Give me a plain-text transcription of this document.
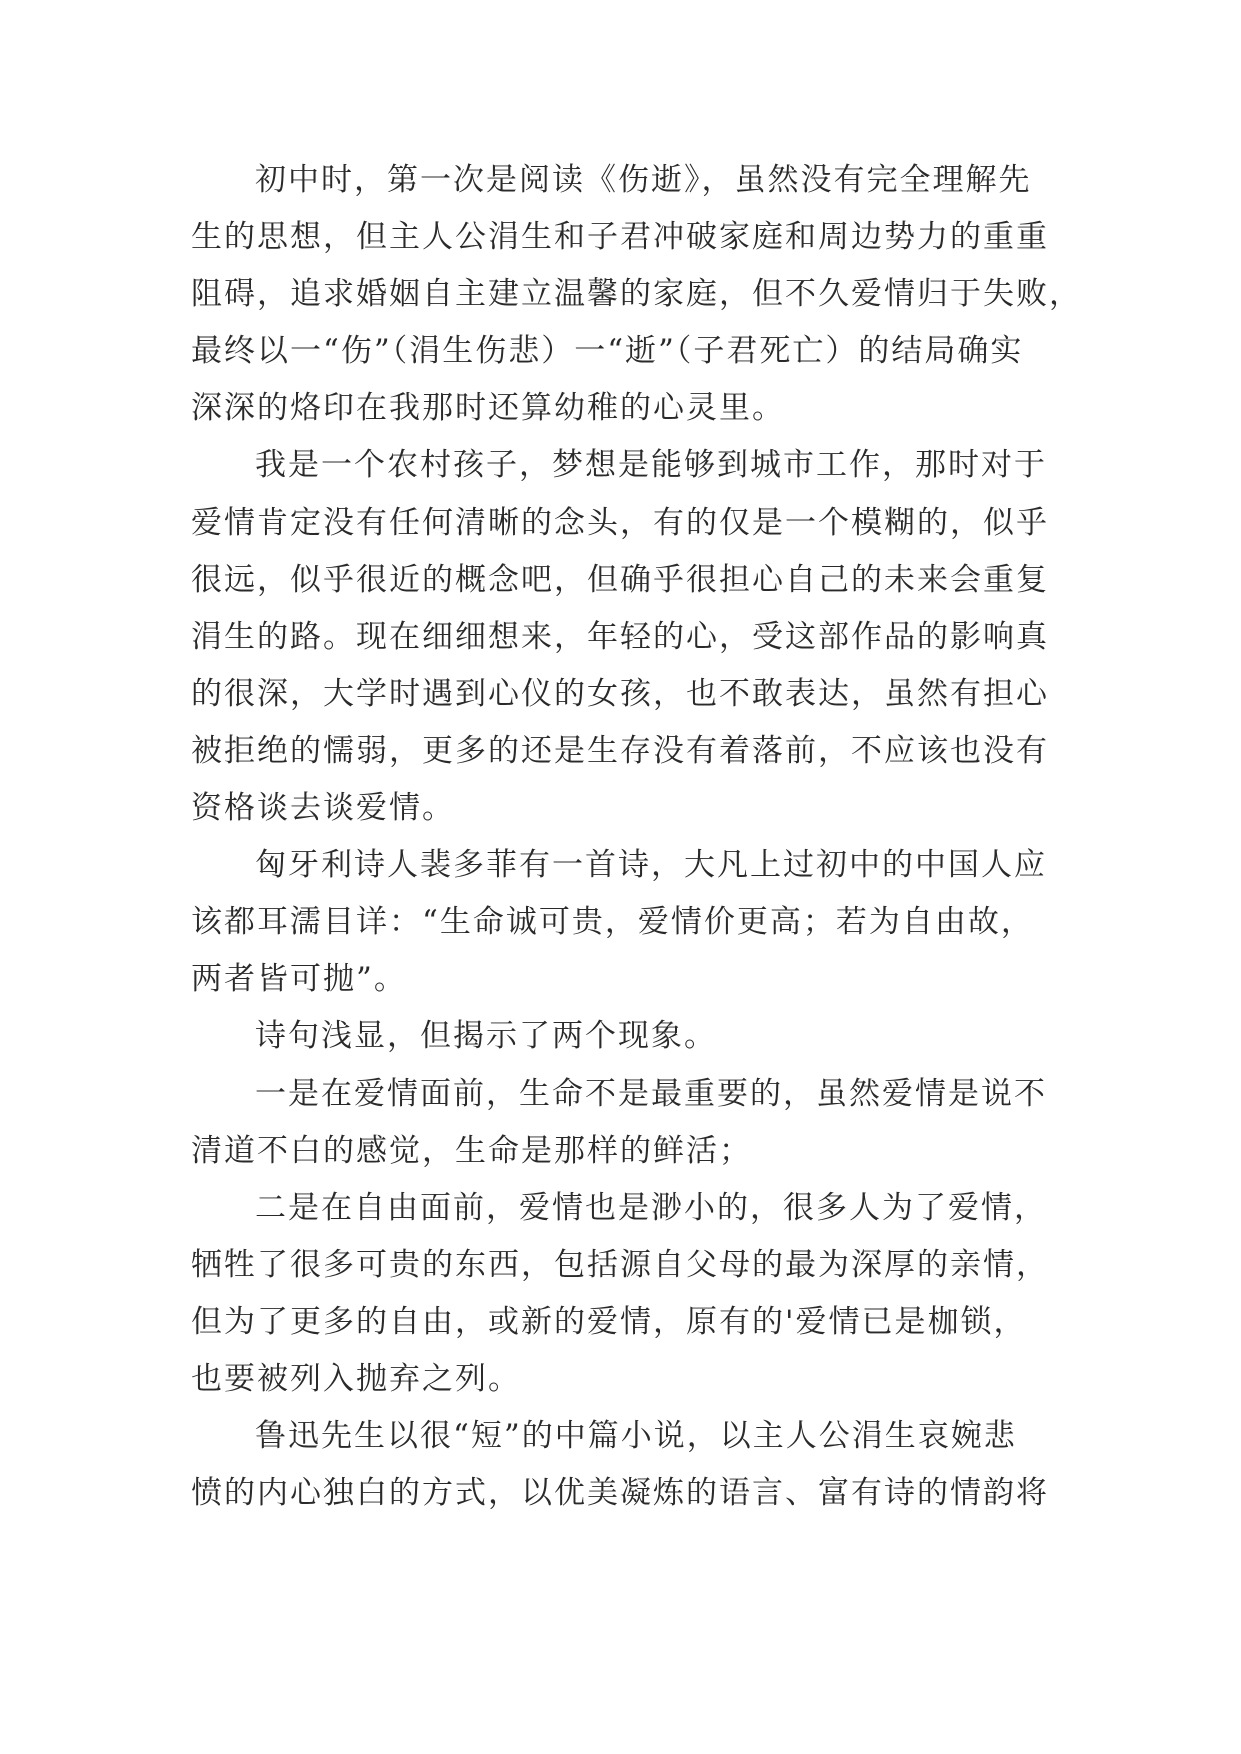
初中时，第一次是阅读《伤逝》，虽然没有完全理解先
生的思想，但主人公涓生和子君冲破家庭和周边势力的重重
阻碍，追求婚姻自主建立温馨的家庭，但不久爱情归于失败，
最终以一“伤”（涓生伤悲）一“逝”（子君死亡）的结局确实
深深的烙印在我那时还算幼稚的心灵里。
我是一个农村孩子，梦想是能够到城市工作，那时对于
爱情肯定没有任何清晰的念头，有的仅是一个模糊的，似乎
很远，似乎很近的概念吧，但确乎很担心自己的未来会重复
涓生的路。现在细细想来，年轻的心，受这部作品的影响真
的很深，大学时遇到心仪的女孩，也不敢表达，虽然有担心
被拒绝的懦弱，更多的还是生存没有着落前，不应该也没有
资格谈去谈爱情。
匈牙利诗人裴多菲有一首诗，大凡上过初中的中国人应
该都耳濡目详：“生命诚可贵，爱情价更高；若为自由故，
两者皆可抛”。
诗句浅显，但揭示了两个现象。
一是在爱情面前，生命不是最重要的，虽然爱情是说不
清道不白的感觉，生命是那样的鲜活；
二是在自由面前，爱情也是渺小的，很多人为了爱情，
牺牲了很多可贵的东西，包括源自父母的最为深厚的亲情，
但为了更多的自由，或新的爱情，原有的'爱情已是枷锁，
也要被列入抛弃之列。
鲁迅先生以很“短”的中篇小说，以主人公涓生哀婉悲
愤的内心独白的方式，以优美凝炼的语言、富有诗的情韵将
